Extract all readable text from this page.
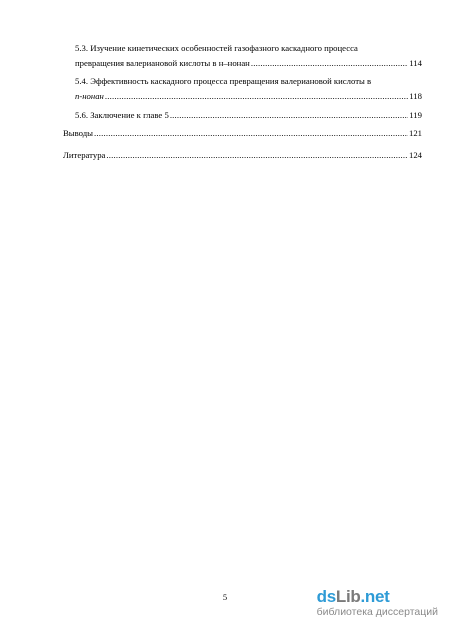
5.3. Изучение кинетических особенностей газофазного каскадного процесса
превращения валериановой кислоты в н–нонан .....	114
5.4. Эффективность каскадного процесса превращения валериановой кислоты в
n-нонан .....	118
5.6. Заключение к главе 5 .....	119
Выводы .....	121
Литература .....	124
5	dsLib.net
библиотека диссертаций
